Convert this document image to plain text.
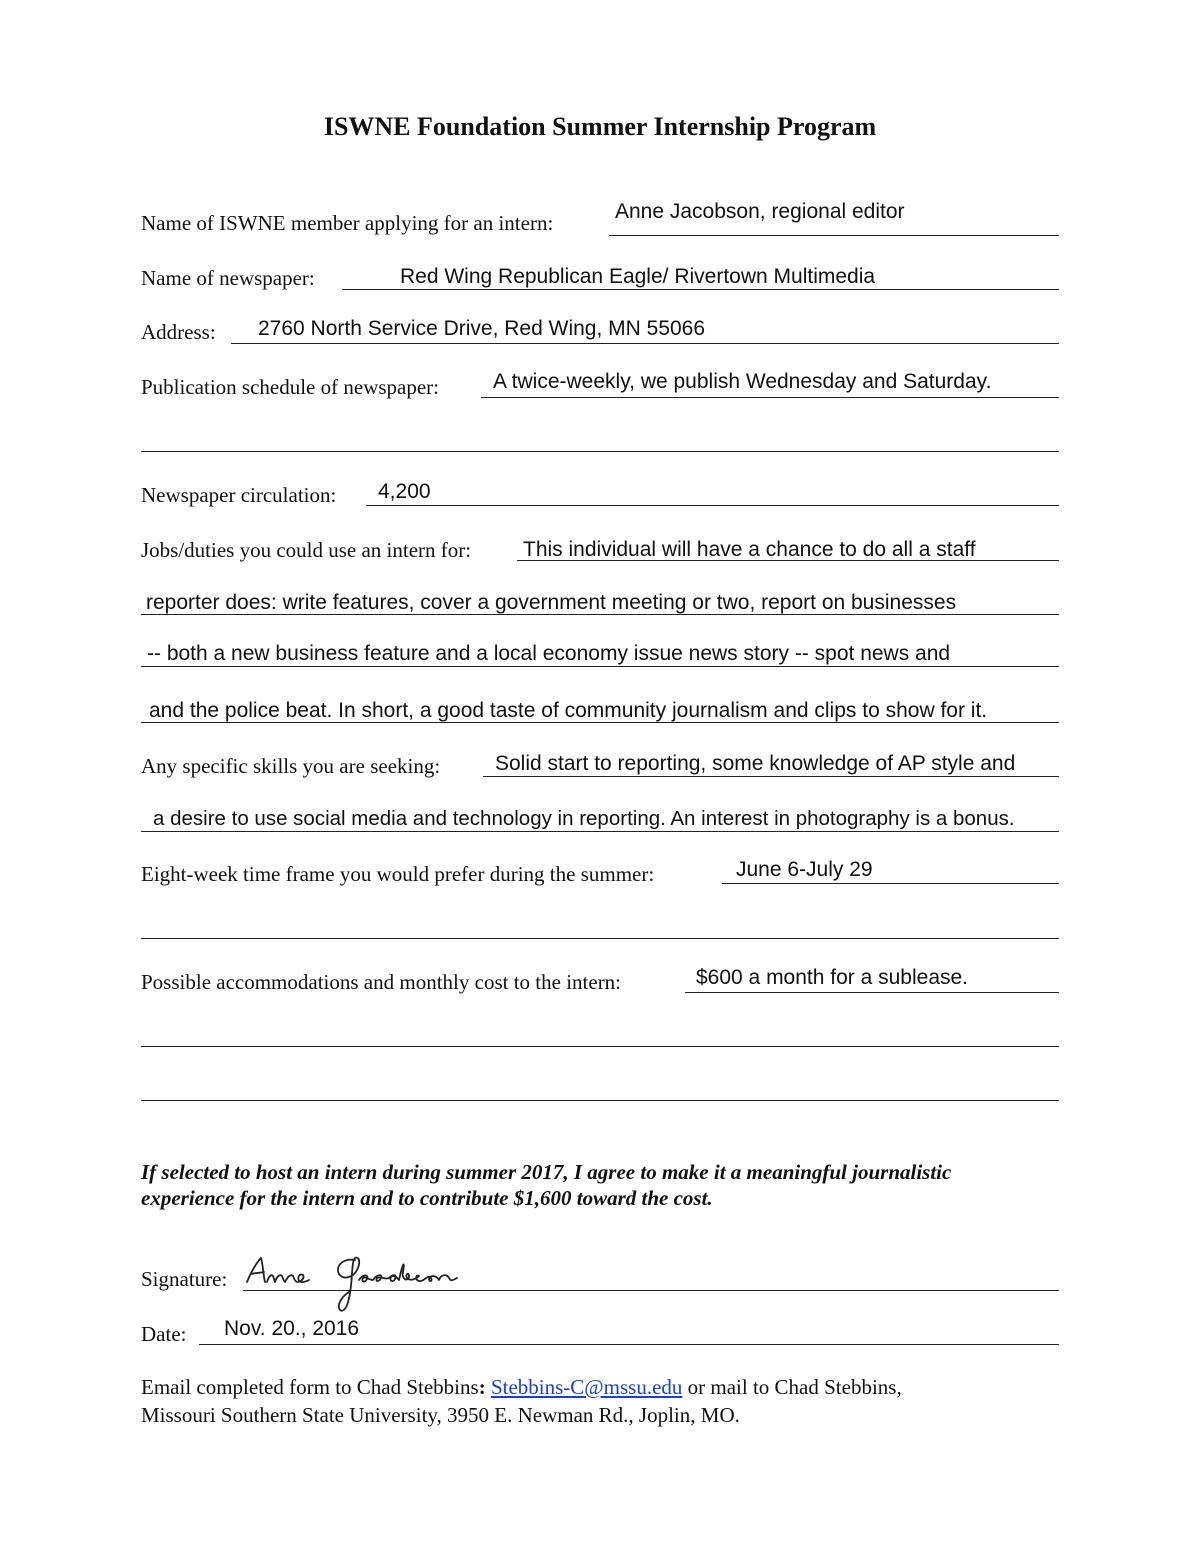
ISWNE Foundation Summer Internship Program
Name of ISWNE member applying for an intern:	Anne Jacobson, regional editor
Name of newspaper:	Red Wing Republican Eagle/ Rivertown Multimedia
Address: 2760 North Service Drive, Red Wing, MN 55066
Publication schedule of newspaper:	A twice-weekly, we publish Wednesday and Saturday.
Newspaper circulation: 4,200
Jobs/duties you could use an intern for: This individual will have a chance to do all a staff
reporter does: write features, cover a government meeting or two, report on businesses
-- both a new business feature and a local economy issue news story -- spot news and
and the police beat. In short, a good taste of community journalism and clips to show for it.
Any specific skills you are seeking:	Solid start to reporting, some knowledge of AP style and
a desire to use social media and technology in reporting. An interest in photography is a bonus.
Eight-week time frame you would prefer during the summer:	June 6-July 29
Possible accommodations and monthly cost to the intern:	$600 a month for a sublease.
If selected to host an intern during summer 2017, I agree to make it a meaningful journalistic
experience for the intern and to contribute $1,600 toward the cost.
Signature:
Date: Nov. 20., 2016
Email completed form to Chad Stebbins: Stebbins-C@mssu.edu or mail to Chad Stebbins,
Missouri Southern State University, 3950 E. Newman Rd., Joplin, MO.
